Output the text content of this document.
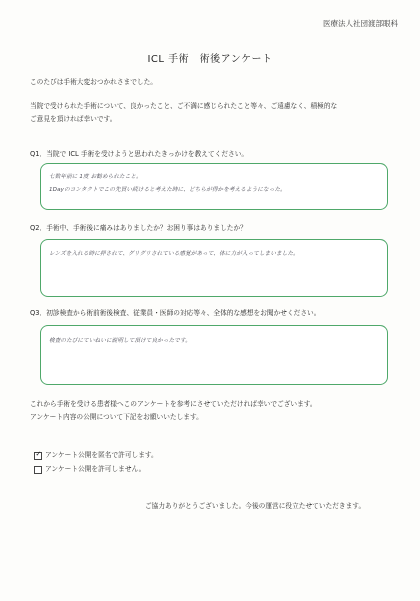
医療法人社団渡部眼科
ICL 手術　術後アンケート
このたびは手術大変おつかれさまでした。
当院で受けられた手術について、良かったこと、ご不満に感じられたこと等々、ご遠慮なく、積極的な
ご意見を頂ければ幸いです。
Q1．当院で ICL 手術を受けようと思われたきっかけを教えてください。
七数年前に 1度 お勧められたこと。
1Dayのコンタクトでこの先買い続けると考えた時に、どちらが得かを考えるようになった。
Q2．手術中、手術後に痛みはありましたか？お困り事はありましたか？
レンズを入れる時に押されて、グリグリされている感覚があって、体に力が入ってしまいました。
Q3．初診検査から術前術後検査、従業員・医師の対応等々、全体的な感想をお聞かせください。
検査のたびにていねいに説明して頂けて良かったです。
これから手術を受ける患者様へこのアンケートを参考にさせていただければ幸いでございます。
アンケート内容の公開について下記をお願いいたします。
✓ アンケート公開を匿名で許可します。
アンケート公開を許可しません。
ご協力ありがとうございました。今後の運営に役立たせていただきます。
